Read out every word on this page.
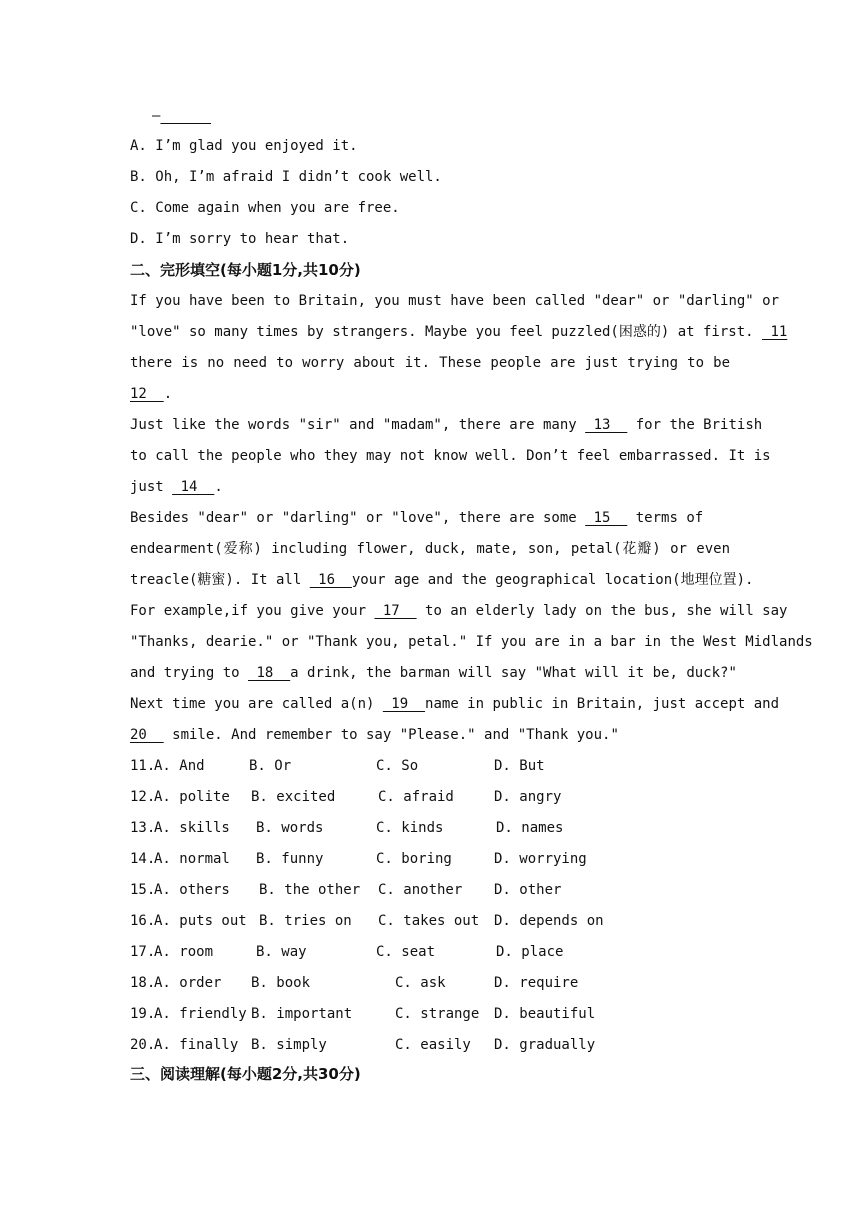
—______
A. I’m glad you enjoyed it.
B. Oh, I’m afraid I didn’t cook well.
C. Come again when you are free.
D. I’m sorry to hear that.
二、完形填空(每小题1分,共10分)
If you have been to Britain, you must have been called "dear" or "darling" or
"love" so many times by strangers. Maybe you feel puzzled(困惑的) at first.  11
there is no need to worry about it. These people are just trying to be
12  .
Just like the words "sir" and "madam", there are many  13   for the British
to call the people who they may not know well. Don’t feel embarrassed. It is
just  14  .
Besides "dear" or "darling" or "love", there are some  15   terms of
endearment(爱称) including flower, duck, mate, son, petal(花瓣) or even
treacle(糖蜜). It all  16  your age and the geographical location(地理位置).
For example,if you give your  17   to an elderly lady on the bus, she will say
"Thanks, dearie." or "Thank you, petal." If you are in a bar in the West Midlands
and trying to  18  a drink, the barman will say "What will it be, duck?"
Next time you are called a(n)  19  name in public in Britain, just accept and
20   smile. And remember to say "Please." and "Thank you."
11.
A. And	B. Or	C. So	D. But
12.
A. polite B. excited	C. afraid	D. angry
13.
A. skills B. words	C. kinds	D. names
14.
A. normal B. funny	C. boring	D. worrying
15.
A. others B. the other C. another D. other
16.
A. puts out B. tries on C. takes out D. depends on
17.
A. room	B. way	C. seat	D. place
18.
A. order B. book	C. ask	D. require
19.
A. friendly B. important	C. strange D. beautiful
20.
A. finally B. simply	C. easily D. gradually
三、阅读理解(每小题2分,共30分)
